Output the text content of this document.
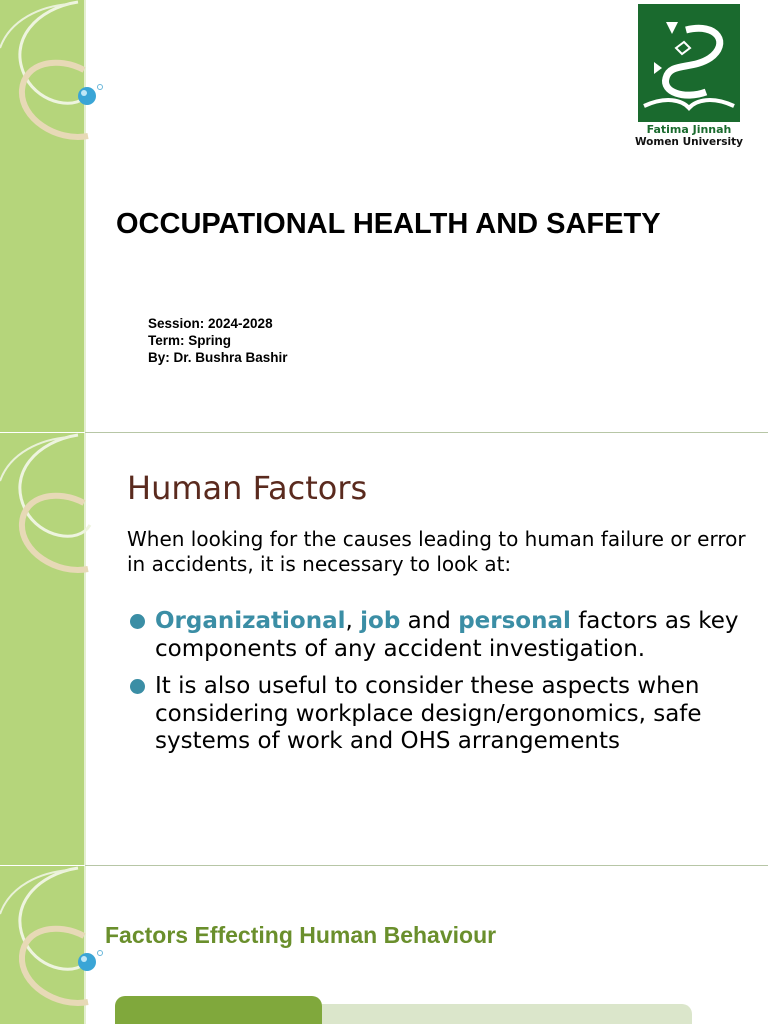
Fatima Jinnah
Women University
OCCUPATIONAL HEALTH AND SAFETY
Session: 2024-2028
Term: Spring
By: Dr. Bushra Bashir
Human Factors
When looking for the causes leading to human failure or error in accidents, it is necessary to look at:
Organizational, job and personal factors as key components of any accident investigation.
It is also useful to consider these aspects when considering workplace design/ergonomics, safe systems of work and OHS arrangements
Factors Effecting Human Behaviour
